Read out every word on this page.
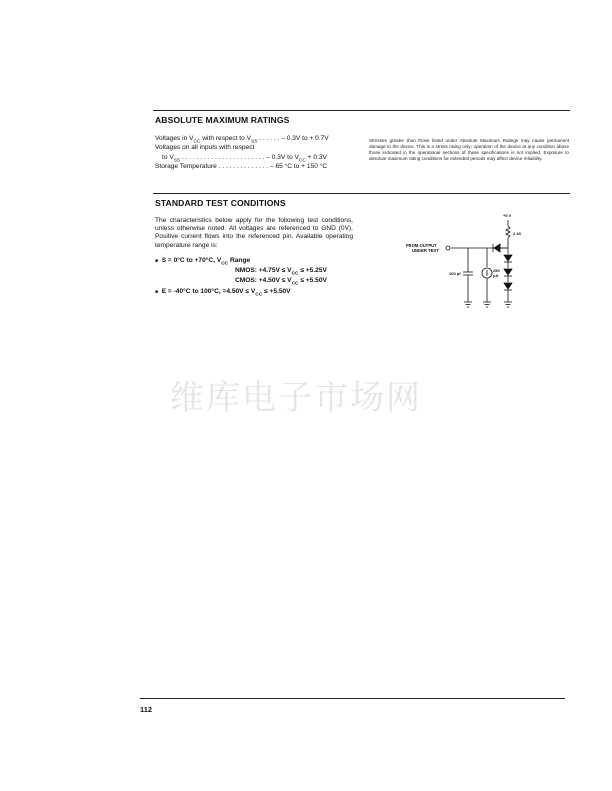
ABSOLUTE MAXIMUM RATINGS
Voltages in $V_{CC}$ with respect to $V_{SS}$ . . . . . . – 0.3V to + 0.7V
Voltages on all inputs with respect
to $V_{SS}$ . . . . . . . . . . . . . . . . . . . . . . . – 0.3V to $V_{CC} + 0.3V$
Storage Temperature . . . . . . . . . . . . . . – 65 °C to + 150 °C
Stresses greater than those listed under Absolute Maximum Ratings may cause permanent damage to the device. This is a stress rating only; operation of the device at any condition above those indicated in the operational sections of these specifications is not implied. Exposure to absolute maximum rating conditions for extended periods may affect device reliability.
STANDARD TEST CONDITIONS
The characteristics below apply for the following test conditions, unless otherwise noted. All voltages are referenced to GND (0V). Positive current flows into the referenced pin. Available operating temperature range is:
■ S = 0°C to +70°C, $V_{CC}$ Range
NMOS: $+4.75V \le V_{CC} \le +5.25V$
CMOS: $+4.50V \le V_{CC} \le +5.50V$
■ E = -40°C to 100°C, $=4.50V \le V_{CC} \le +5.50V$
+5 V
2.1K
FROM OUTPUT
UNDER TEST
100 pf
250
μA
维库电子市场网
112
